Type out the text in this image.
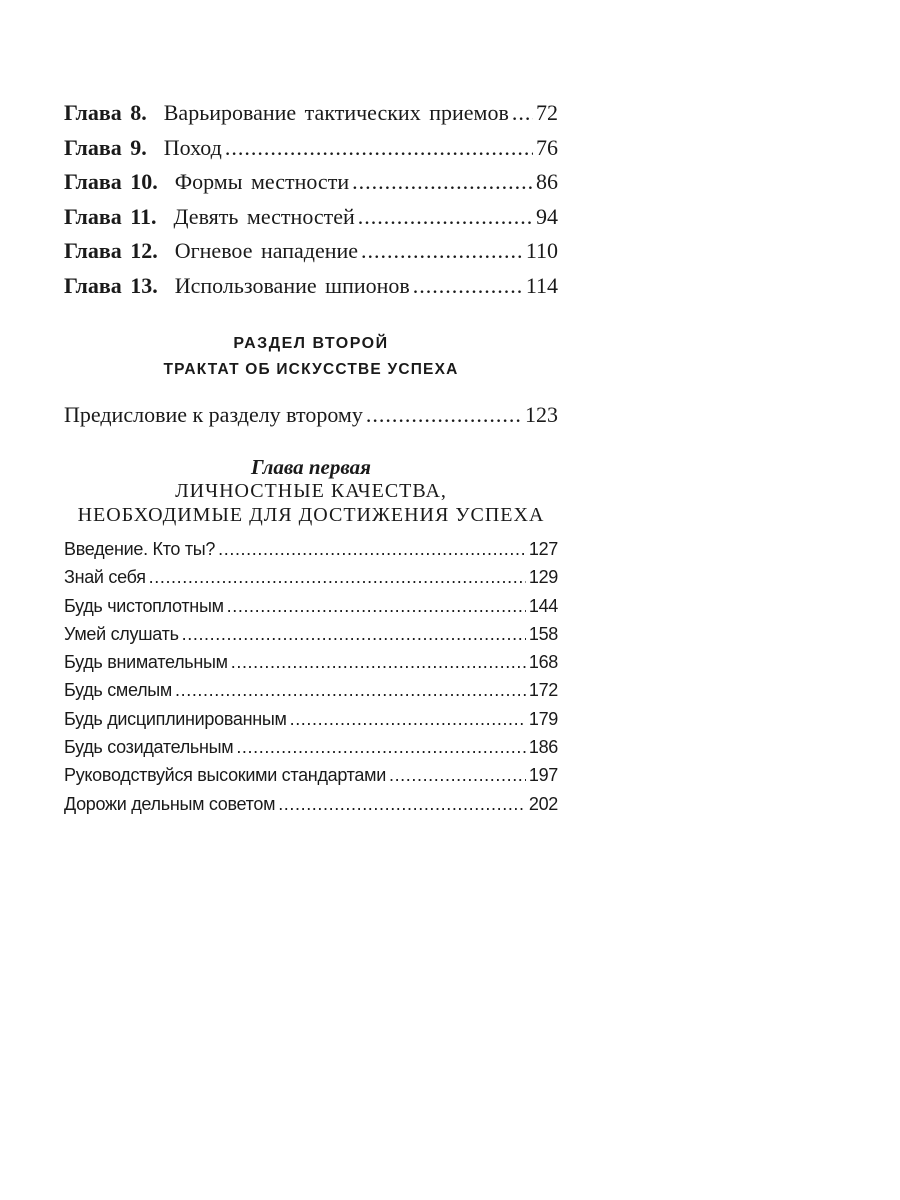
Глава 8. Варьирование тактических приемов ..... 72
Глава 9. Поход .....	76
Глава 10. Формы местности .....	86
Глава 11. Девять местностей .....	94
Глава 12. Огневое нападение .....	110
Глава 13. Использование шпионов .....	114
РАЗДЕЛ ВТОРОЙ
ТРАКТАТ ОБ ИСКУССТВЕ УСПЕХА
Предисловие к разделу второму .....	123
Глава первая
ЛИЧНОСТНЫЕ КАЧЕСТВА,
НЕОБХОДИМЫЕ ДЛЯ ДОСТИЖЕНИЯ УСПЕХА
Введение. Кто ты? .....	127
Знай себя .....	129
Будь чистоплотным .....	144
Умей слушать .....	158
Будь внимательным .....	168
Будь смелым .....	172
Будь дисциплинированным .....	179
Будь созидательным .....	186
Руководствуйся высокими стандартами .....	197
Дорожи дельным советом .....	202
